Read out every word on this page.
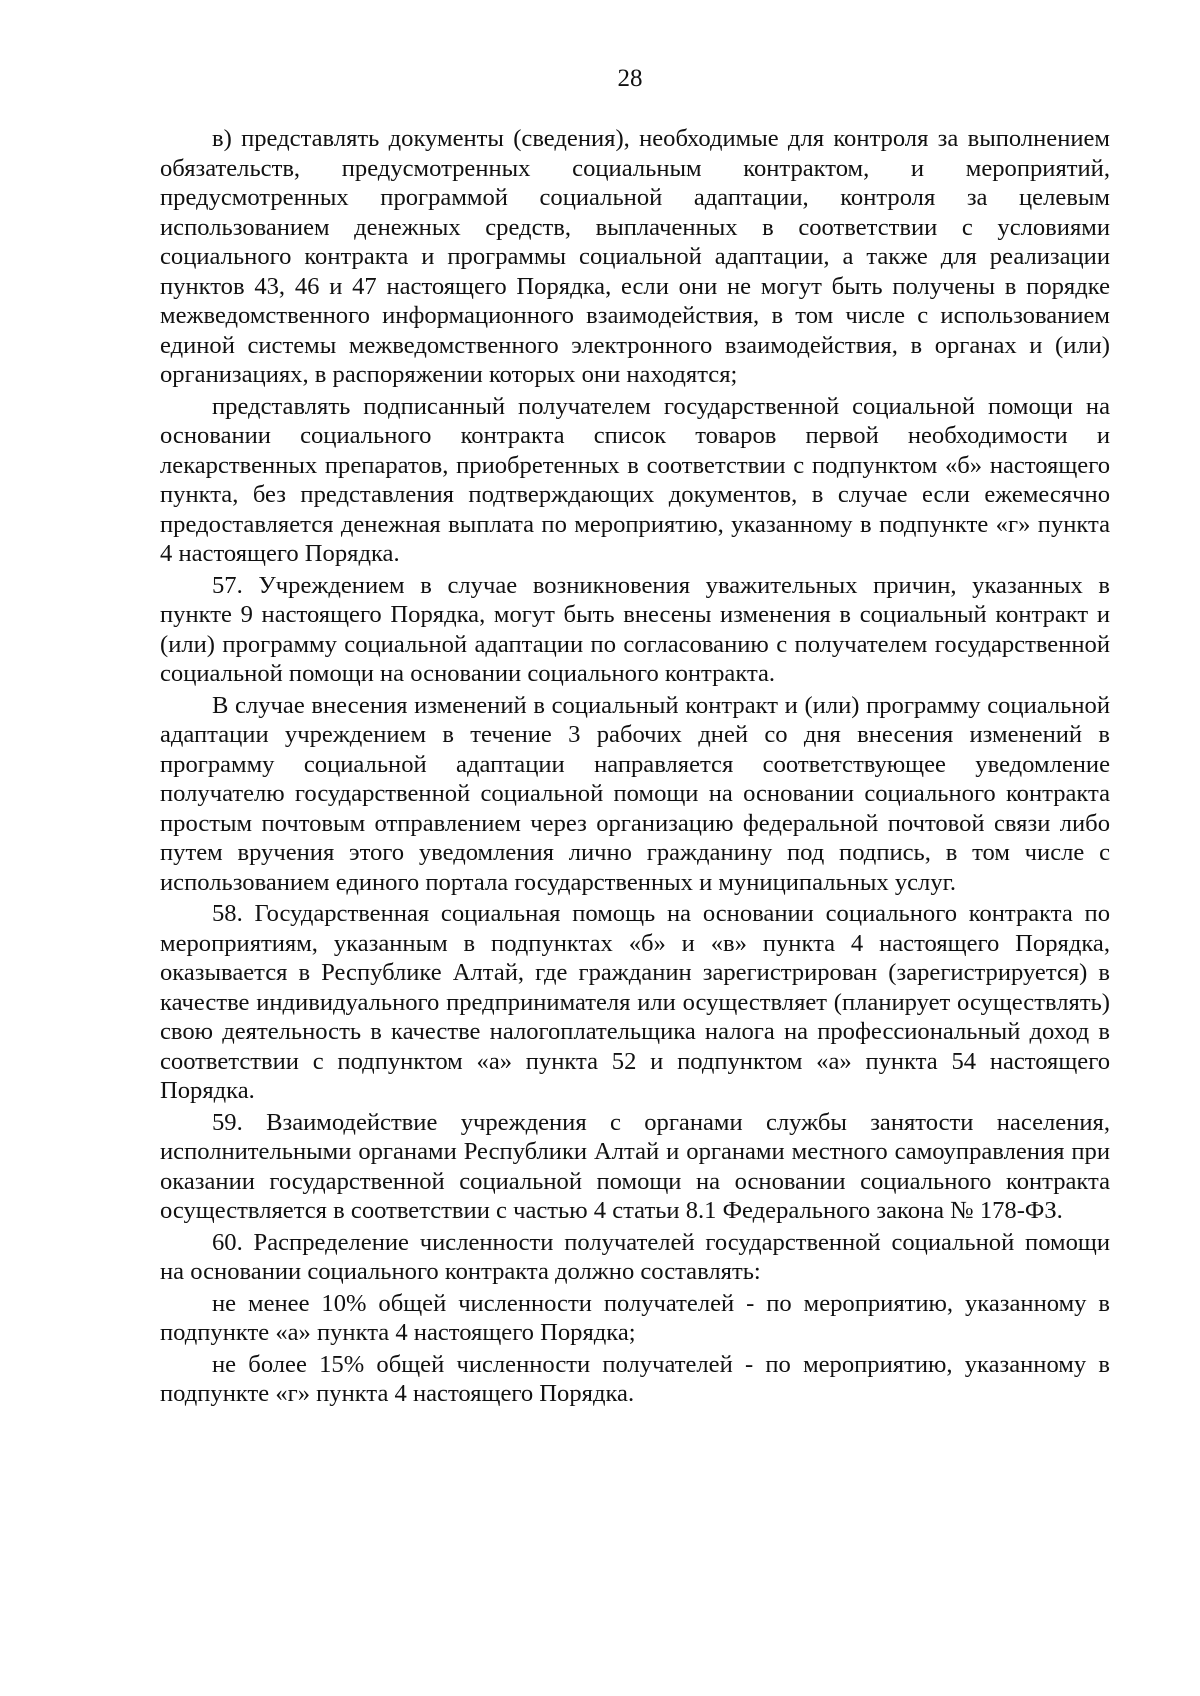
28

в) представлять документы (сведения), необходимые для контроля за выполнением обязательств, предусмотренных социальным контрактом, и мероприятий, предусмотренных программой социальной адаптации, контроля за целевым использованием денежных средств, выплаченных в соответствии с условиями социального контракта и программы социальной адаптации, а также для реализации пунктов 43, 46 и 47 настоящего Порядка, если они не могут быть получены в порядке межведомственного информационного взаимодействия, в том числе с использованием единой системы межведомственного электронного взаимодействия, в органах и (или) организациях, в распоряжении которых они находятся;

представлять подписанный получателем государственной социальной помощи на основании социального контракта список товаров первой необходимости и лекарственных препаратов, приобретенных в соответствии с подпунктом «б» настоящего пункта, без представления подтверждающих документов, в случае если ежемесячно предоставляется денежная выплата по мероприятию, указанному в подпункте «г» пункта 4 настоящего Порядка.

57. Учреждением в случае возникновения уважительных причин, указанных в пункте 9 настоящего Порядка, могут быть внесены изменения в социальный контракт и (или) программу социальной адаптации по согласованию с получателем государственной социальной помощи на основании социального контракта.

В случае внесения изменений в социальный контракт и (или) программу социальной адаптации учреждением в течение 3 рабочих дней со дня внесения изменений в программу социальной адаптации направляется соответствующее уведомление получателю государственной социальной помощи на основании социального контракта простым почтовым отправлением через организацию федеральной почтовой связи либо путем вручения этого уведомления лично гражданину под подпись, в том числе с использованием единого портала государственных и муниципальных услуг.

58. Государственная социальная помощь на основании социального контракта по мероприятиям, указанным в подпунктах «б» и «в» пункта 4 настоящего Порядка, оказывается в Республике Алтай, где гражданин зарегистрирован (зарегистрируется) в качестве индивидуального предпринимателя или осуществляет (планирует осуществлять) свою деятельность в качестве налогоплательщика налога на профессиональный доход в соответствии с подпунктом «а» пункта 52 и подпунктом «а» пункта 54 настоящего Порядка.

59. Взаимодействие учреждения с органами службы занятости населения, исполнительными органами Республики Алтай и органами местного самоуправления при оказании государственной социальной помощи на основании социального контракта осуществляется в соответствии с частью 4 статьи 8.1 Федерального закона № 178-ФЗ.

60. Распределение численности получателей государственной социальной помощи на основании социального контракта должно составлять:

не менее 10% общей численности получателей - по мероприятию, указанному в подпункте «а» пункта 4 настоящего Порядка;

не более 15% общей численности получателей - по мероприятию, указанному в подпункте «г» пункта 4 настоящего Порядка.
